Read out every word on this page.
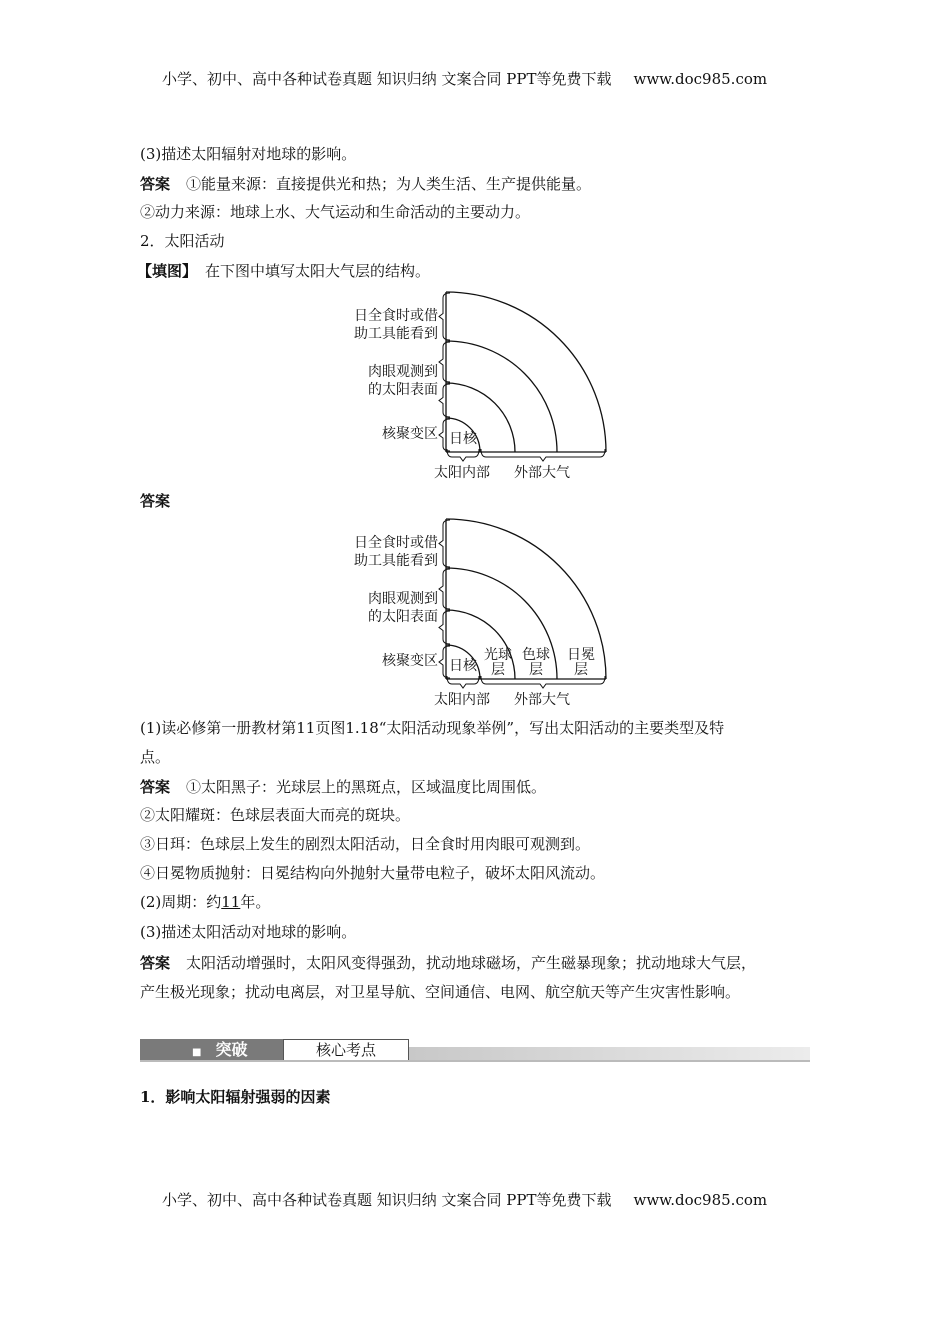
小学、初中、高中各种试卷真题 知识归纳 文案合同 PPT等免费下载 www.doc985.com
(3)描述太阳辐射对地球的影响。
答案 ①能量来源：直接提供光和热；为人类生活、生产提供能量。
②动力来源：地球上水、大气运动和生命活动的主要动力。
2．太阳活动
【填图】 在下图中填写太阳大气层的结构。
日全食时或借
助工具能看到
肉眼观测到
的太阳表面
核聚变区
太阳内部 外部大气
日核
答案
日全食时或借
助工具能看到
肉眼观测到
的太阳表面
核聚变区
太阳内部 外部大气
日核
光球
层
色球
层
日冕
层
(1)读必修第一册教材第11页图1.18“太阳活动现象举例”，写出太阳活动的主要类型及特
点。
答案 ①太阳黑子：光球层上的黑斑点，区域温度比周围低。
②太阳耀斑：色球层表面大而亮的斑块。
③日珥：色球层上发生的剧烈太阳活动，日全食时用肉眼可观测到。
④日冕物质抛射：日冕结构向外抛射大量带电粒子，破坏太阳风流动。
(2)周期：约11年。
(3)描述太阳活动对地球的影响。
答案 太阳活动增强时，太阳风变得强劲，扰动地球磁场，产生磁暴现象；扰动地球大气层，
产生极光现象；扰动电离层，对卫星导航、空间通信、电网、航空航天等产生灾害性影响。
■ 突破	核心考点
1．影响太阳辐射强弱的因素
小学、初中、高中各种试卷真题 知识归纳 文案合同 PPT等免费下载 www.doc985.com
